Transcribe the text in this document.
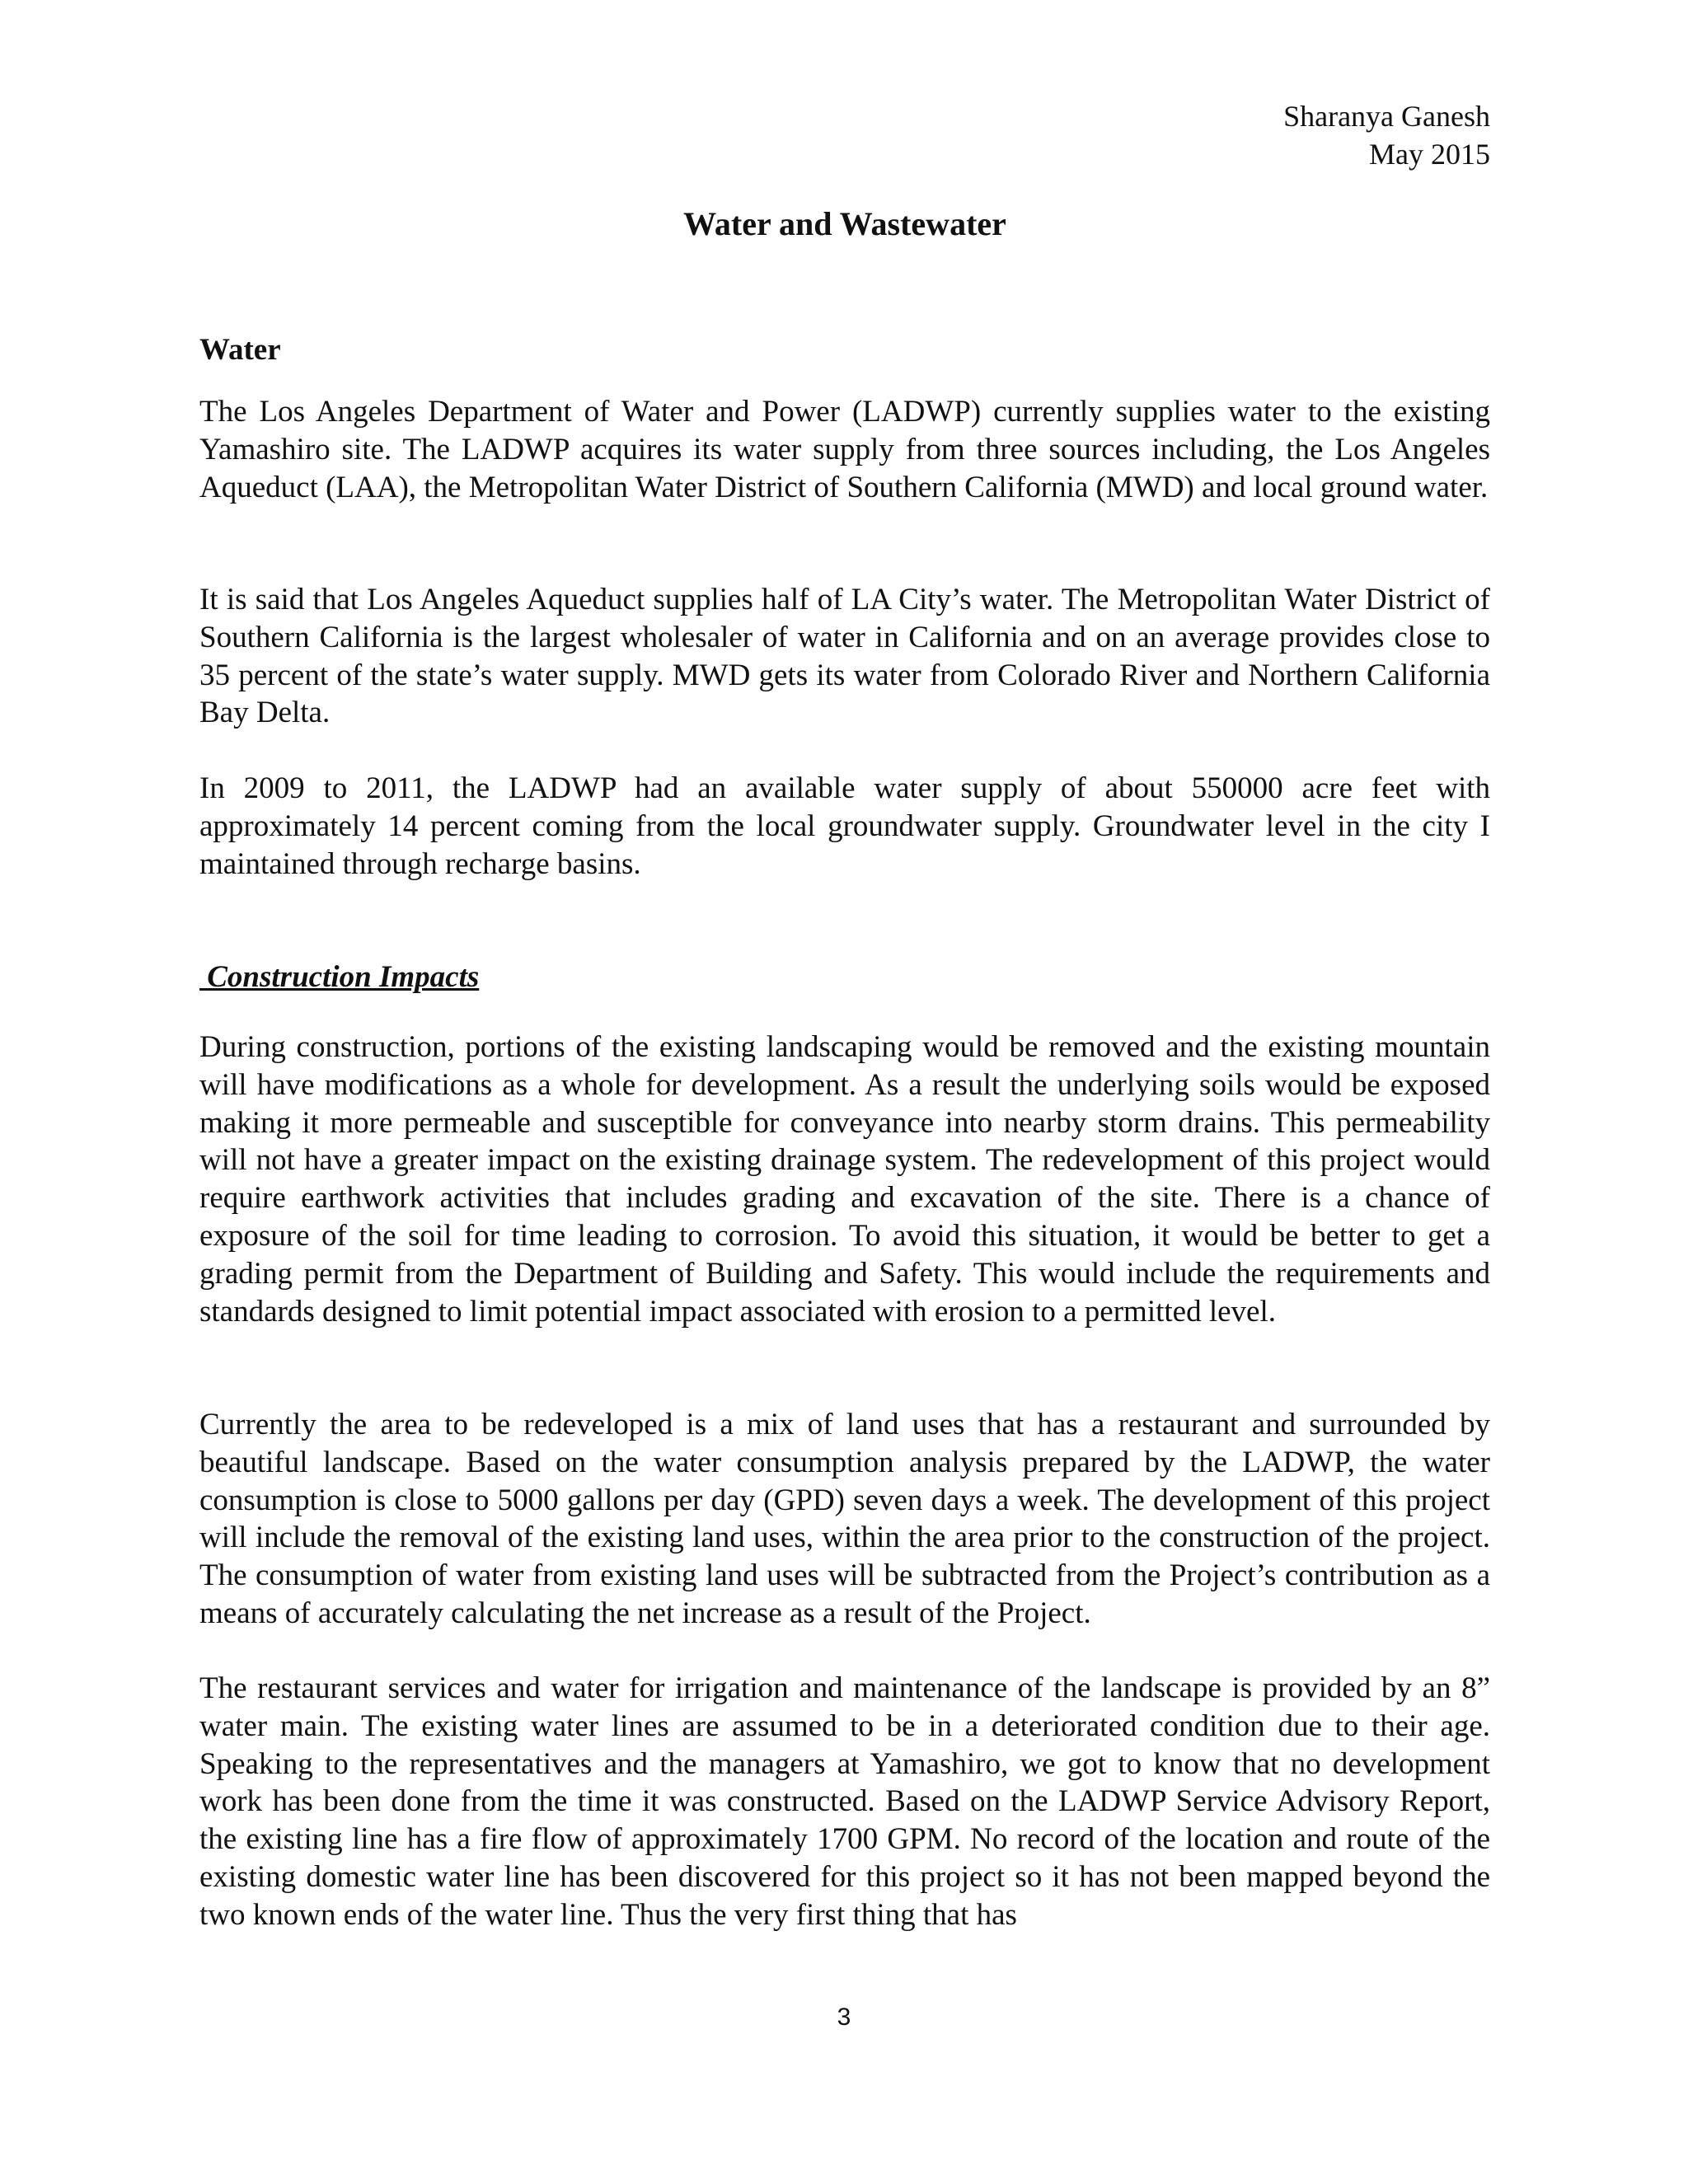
Sharanya Ganesh
May 2015
Water and Wastewater
Water

The Los Angeles Department of Water and Power (LADWP) currently supplies water to the existing Yamashiro site. The LADWP acquires its water supply from three sources including, the Los Angeles Aqueduct (LAA), the Metropolitan Water District of Southern California (MWD) and local ground water.

It is said that Los Angeles Aqueduct supplies half of LA City’s water. The Metropolitan Water District of Southern California is the largest wholesaler of water in California and on an average provides close to 35 percent of the state’s water supply. MWD gets its water from Colorado River and Northern California Bay Delta.

In 2009 to 2011, the LADWP had an available water supply of about 550000 acre feet with approximately 14 percent coming from the local groundwater supply. Groundwater level in the city I maintained through recharge basins.

Construction Impacts

During construction, portions of the existing landscaping would be removed and the existing mountain will have modifications as a whole for development. As a result the underlying soils would be exposed making it more permeable and susceptible for conveyance into nearby storm drains. This permeability will not have a greater impact on the existing drainage system. The redevelopment of this project would require earthwork activities that includes grading and excavation of the site. There is a chance of exposure of the soil for time leading to corrosion. To avoid this situation, it would be better to get a grading permit from the Department of Building and Safety. This would include the requirements and standards designed to limit potential impact associated with erosion to a permitted level.

Currently the area to be redeveloped is a mix of land uses that has a restaurant and surrounded by beautiful landscape. Based on the water consumption analysis prepared by the LADWP, the water consumption is close to 5000 gallons per day (GPD) seven days a week. The development of this project will include the removal of the existing land uses, within the area prior to the construction of the project. The consumption of water from existing land uses will be subtracted from the Project’s contribution as a means of accurately calculating the net increase as a result of the Project.

The restaurant services and water for irrigation and maintenance of the landscape is provided by an 8” water main. The existing water lines are assumed to be in a deteriorated condition due to their age. Speaking to the representatives and the managers at Yamashiro, we got to know that no development work has been done from the time it was constructed. Based on the LADWP Service Advisory Report, the existing line has a fire flow of approximately 1700 GPM. No record of the location and route of the existing domestic water line has been discovered for this project so it has not been mapped beyond the two known ends of the water line. Thus the very first thing that has

3
